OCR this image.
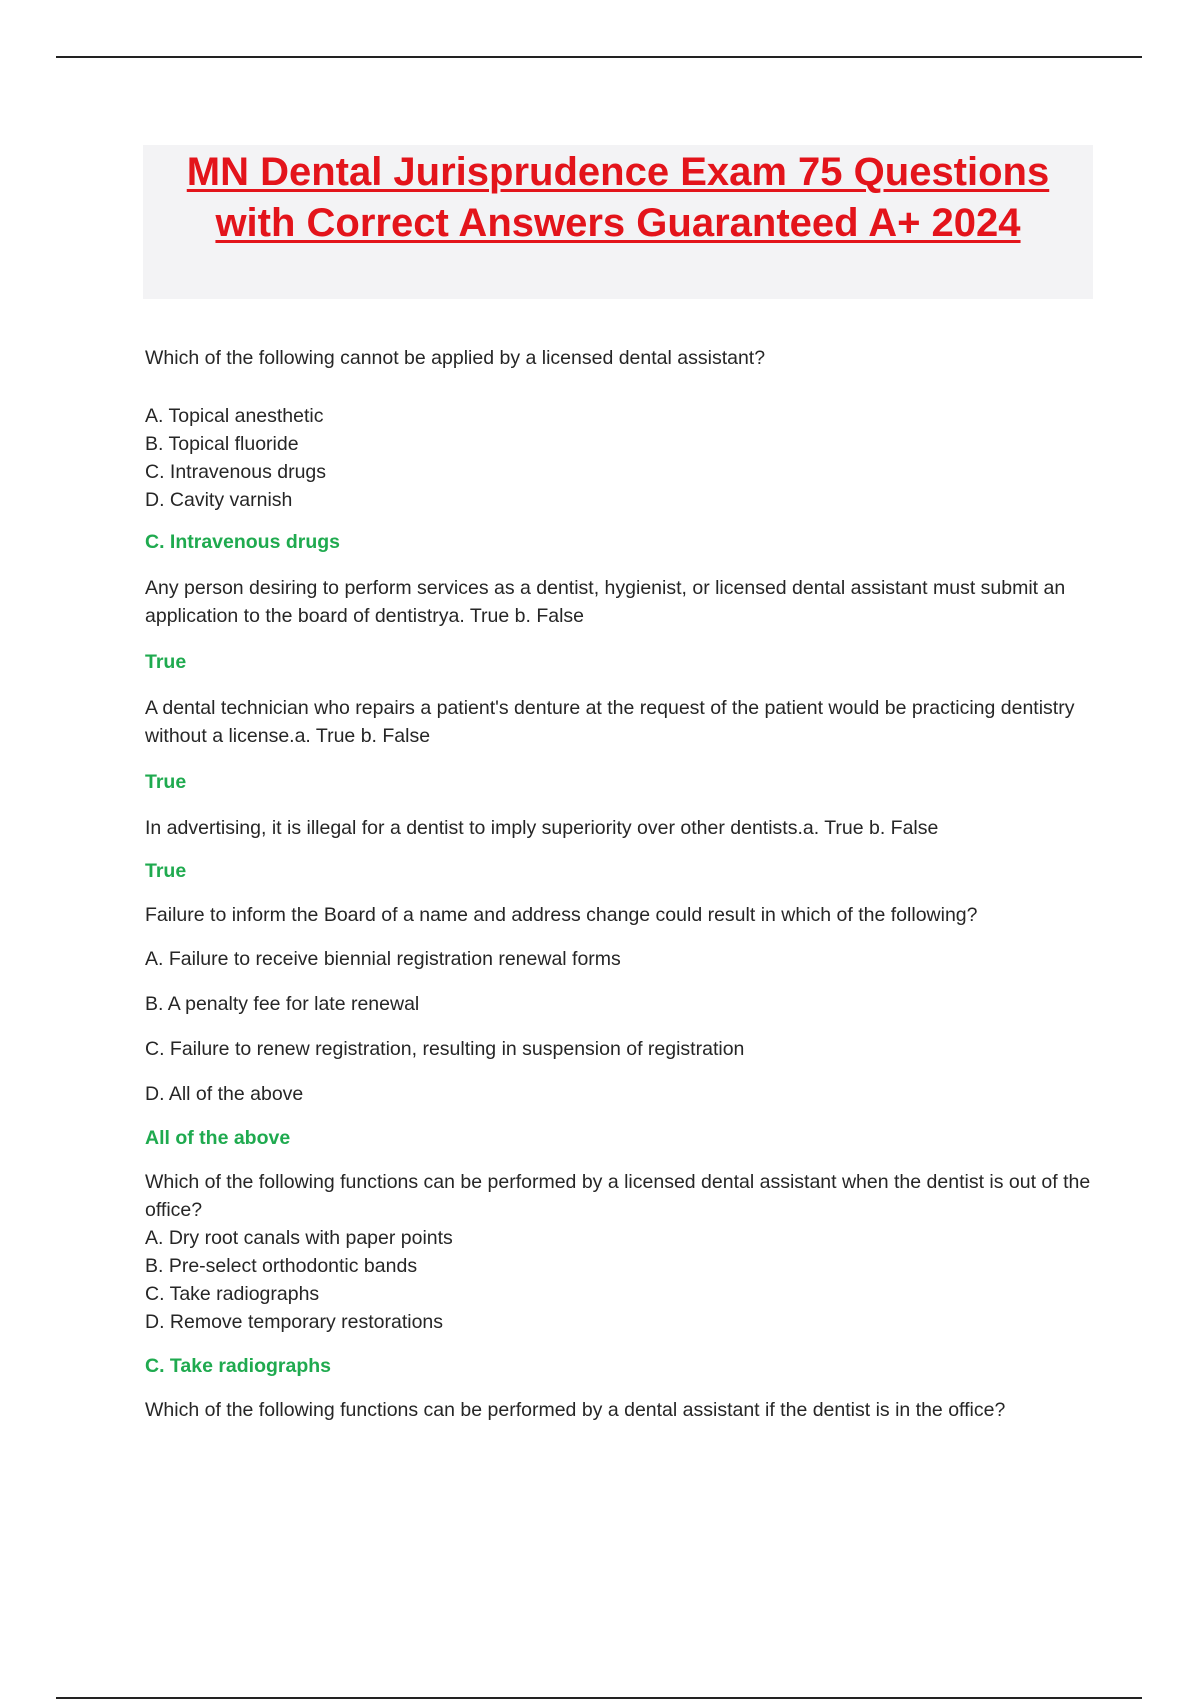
MN Dental Jurisprudence Exam 75 Questions with Correct Answers Guaranteed A+ 2024

Which of the following cannot be applied by a licensed dental assistant?

A. Topical anesthetic

B. Topical fluoride

C. Intravenous drugs

D. Cavity varnish

C. Intravenous drugs

Any person desiring to perform services as a dentist, hygienist, or licensed dental assistant must submit an application to the board of dentistrya. True b. False

True

A dental technician who repairs a patient's denture at the request of the patient would be practicing dentistry without a license.a. True b. False

True

In advertising, it is illegal for a dentist to imply superiority over other dentists.a. True b. False

True

Failure to inform the Board of a name and address change could result in which of the following?

A. Failure to receive biennial registration renewal forms

B. A penalty fee for late renewal

C. Failure to renew registration, resulting in suspension of registration

D. All of the above

All of the above

Which of the following functions can be performed by a licensed dental assistant when the dentist is out of the office?

A. Dry root canals with paper points

B. Pre-select orthodontic bands

C. Take radiographs

D. Remove temporary restorations

C. Take radiographs

Which of the following functions can be performed by a dental assistant if the dentist is in the office?
